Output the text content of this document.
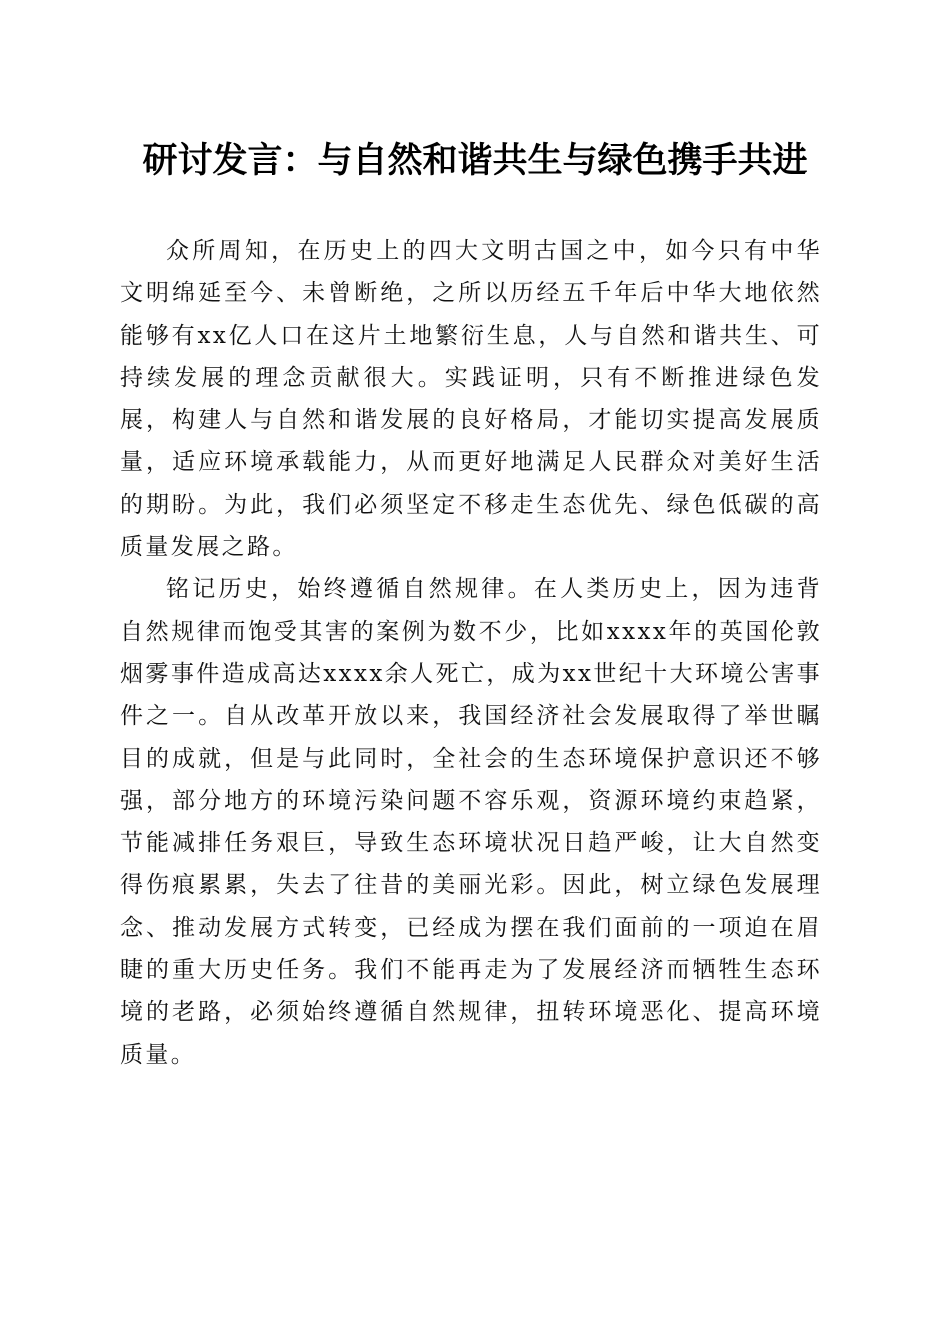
研讨发言：与自然和谐共生与绿色携手共进

众所周知，在历史上的四大文明古国之中，如今只有中华文明绵延至今、未曾断绝，之所以历经五千年后中华大地依然能够有xx亿人口在这片土地繁衍生息，人与自然和谐共生、可持续发展的理念贡献很大。实践证明，只有不断推进绿色发展，构建人与自然和谐发展的良好格局，才能切实提高发展质量，适应环境承载能力，从而更好地满足人民群众对美好生活的期盼。为此，我们必须坚定不移走生态优先、绿色低碳的高质量发展之路。

铭记历史，始终遵循自然规律。在人类历史上，因为违背自然规律而饱受其害的案例为数不少，比如xxxx年的英国伦敦烟雾事件造成高达xxxx余人死亡，成为xx世纪十大环境公害事件之一。自从改革开放以来，我国经济社会发展取得了举世瞩目的成就，但是与此同时，全社会的生态环境保护意识还不够强，部分地方的环境污染问题不容乐观，资源环境约束趋紧，节能减排任务艰巨，导致生态环境状况日趋严峻，让大自然变得伤痕累累，失去了往昔的美丽光彩。因此，树立绿色发展理念、推动发展方式转变，已经成为摆在我们面前的一项迫在眉睫的重大历史任务。我们不能再走为了发展经济而牺牲生态环境的老路，必须始终遵循自然规律，扭转环境恶化、提高环境质量。
